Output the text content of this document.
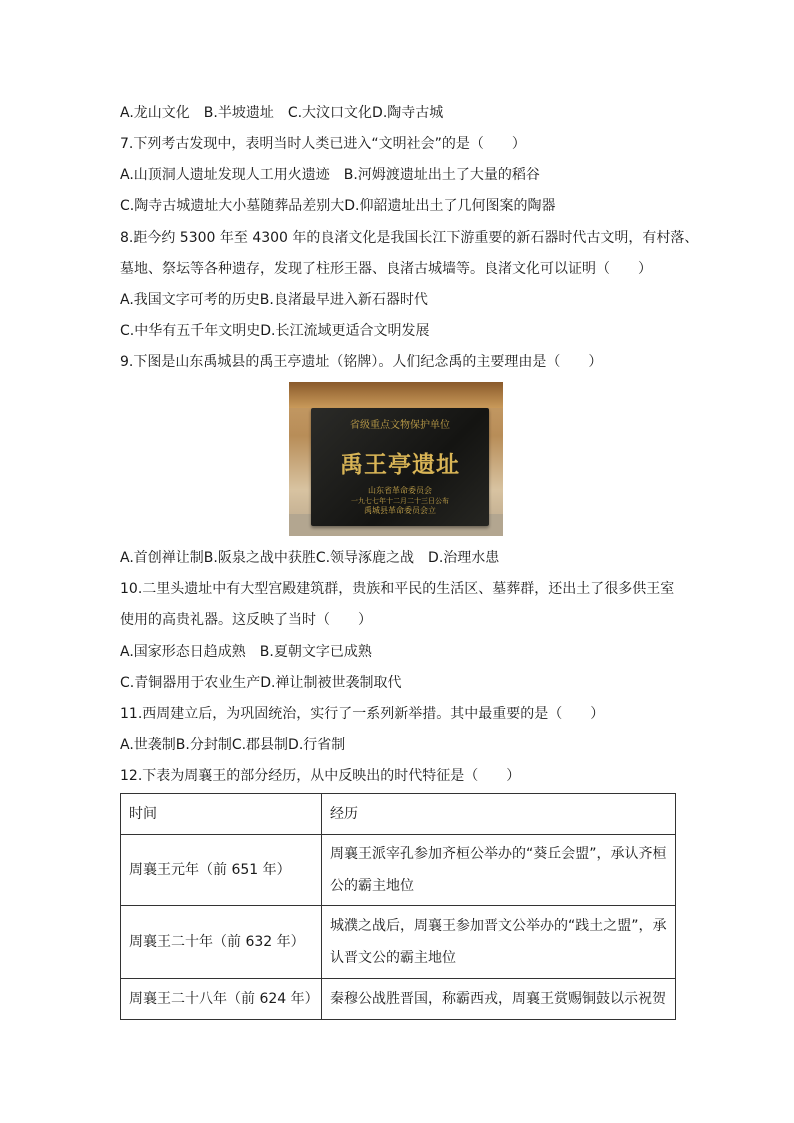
A.龙山文化　B.半坡遗址　C.大汶口文化D.陶寺古城
7.下列考古发现中，表明当时人类已进入“文明社会”的是（　　）
A.山顶洞人遗址发现人工用火遗迹　B.河姆渡遗址出土了大量的稻谷
C.陶寺古城遗址大小墓随葬品差别大D.仰韶遗址出土了几何图案的陶器
8.距今约 5300 年至 4300 年的良渚文化是我国长江下游重要的新石器时代古文明，有村落、
墓地、祭坛等各种遗存，发现了柱形王器、良渚古城墙等。良渚文化可以证明（　　）
A.我国文字可考的历史B.良渚最早进入新石器时代
C.中华有五千年文明史D.长江流域更适合文明发展
9.下图是山东禹城县的禹王亭遗址（铭牌）。人们纪念禹的主要理由是（　　）
省级重点文物保护单位
禹王亭遗址
山东省革命委员会
一九七七年十二月二十三日公布
禹城县革命委员会立
A.首创禅让制B.阪泉之战中获胜C.领导涿鹿之战　D.治理水患
10.二里头遗址中有大型宫殿建筑群，贵族和平民的生活区、墓葬群，还出土了很多供王室
使用的高贵礼器。这反映了当时（　　）
A.国家形态日趋成熟　B.夏朝文字已成熟
C.青铜器用于农业生产D.禅让制被世袭制取代
11.西周建立后，为巩固统治，实行了一系列新举措。其中最重要的是（　　）
A.世袭制B.分封制C.郡县制D.行省制
12.下表为周襄王的部分经历，从中反映出的时代特征是（　　）
时间	经历
周襄王元年（前 651 年）	周襄王派宰孔参加齐桓公举办的“葵丘会盟”，承认齐桓
公的霸主地位

周襄王二十年（前 632 年）	城濮之战后，周襄王参加晋文公举办的“践土之盟”，承
认晋文公的霸主地位

周襄王二十八年（前 624 年）	秦穆公战胜晋国，称霸西戎，周襄王赏赐铜鼓以示祝贺
